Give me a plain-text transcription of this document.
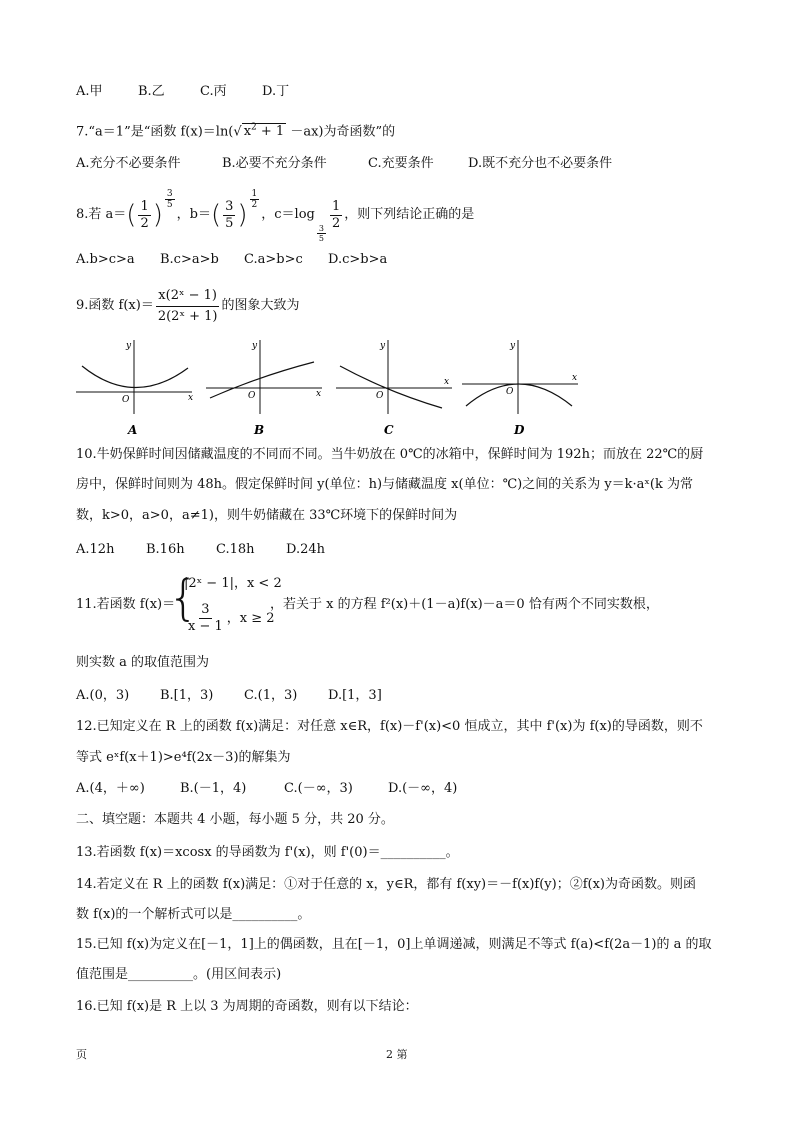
A.甲	B.乙	C.丙	D.丁
7.“a＝1”是“函数 f(x)＝ln(√ $x^2 + 1 -ax$)为奇函数”的
A.充分不必要条件	B.必要不充分条件	C.充要条件	D.既不充分也不必要条件
8.若 a＝ ( $\frac{1}{2}$ )
$\frac{3}{5}$
，b＝ ( $\frac{3}{5}$ )
$\frac{1}{2}$
，c＝log
$\frac{3}{5}$
$\frac{1}{2}$ ，则下列结论正确的是
A.b>c>a B.c>a>b C.a>b>c D.c>b>a
9.函数 $f(x)= \frac{\text{x(2ˣ − 1)}}{\text{2(2ˣ + 1)}}$ 的图象大致为
y
x
O
A
y
x
O
B
y
x
O
C
y
x
O
D
10.牛奶保鲜时间因储藏温度的不同而不同。当牛奶放在 0℃的冰箱中，保鲜时间为 192h；而放在 22℃的厨
房中，保鲜时间则为 48h。假定保鲜时间 y(单位：h)与储藏温度 x(单位：℃)之间的关系为 y＝k·aˣ(k 为常
数，k>0，a>0，a≠1)，则牛奶储藏在 33℃环境下的保鲜时间为
A.12h B.16h C.18h D.24h
11.若函数 f(x)＝
{
|2ˣ − 1|，x < 2
$\frac{3}{x - 1}$ ，x ≥ 2
，若关于 x 的方程 f²(x)＋(1－a)f(x)－a＝0 恰有两个不同实数根，
则实数 a 的取值范围为
A.(0，3) B.[1，3) C.(1，3) D.[1，3]
12.已知定义在 R 上的函数 f(x)满足：对任意 x∈R，f(x)－f'(x)<0 恒成立，其中 f'(x)为 f(x)的导函数，则不
等式 eˣf(x＋1)>e⁴f(2x－3)的解集为
A.(4，＋∞)	B.(－1，4)	C.(－∞，3)	D.(－∞，4)
二、填空题：本题共 4 小题，每小题 5 分，共 20 分。
13.若函数 f(x)＝xcosx 的导函数为 f'(x)，则 f'(0)＝__________。
14.若定义在 R 上的函数 f(x)满足：①对于任意的 x，y∈R，都有 f(xy)＝－f(x)f(y)；②f(x)为奇函数。则函
数 f(x)的一个解析式可以是__________。
15.已知 f(x)为定义在[－1，1]上的偶函数，且在[－1，0]上单调递减，则满足不等式 f(a)<f(2a－1)的 a 的取
值范围是__________。(用区间表示)
16.已知 f(x)是 R 上以 3 为周期的奇函数，则有以下结论：
页	2 第
